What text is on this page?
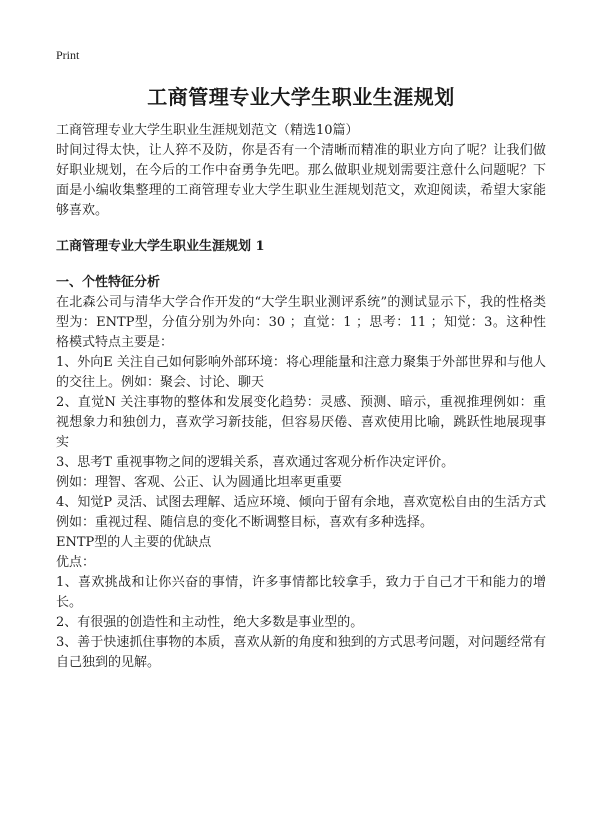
Print
工商管理专业大学生职业生涯规划
工商管理专业大学生职业生涯规划范文（精选10篇）

时间过得太快，让人猝不及防，你是否有一个清晰而精准的职业方向了呢？让我们做好职业规划，在今后的工作中奋勇争先吧。那么做职业规划需要注意什么问题呢？下面是小编收集整理的工商管理专业大学生职业生涯规划范文，欢迎阅读，希望大家能够喜欢。

工商管理专业大学生职业生涯规划 1
一、个性特征分析

在北森公司与清华大学合作开发的“大学生职业测评系统”的测试显示下，我的性格类型为：ENTP型，分值分别为外向：30 ；直觉：1 ；思考：11 ；知觉：3。这种性格模式特点主要是：

1、外向E 关注自己如何影响外部环境：将心理能量和注意力聚集于外部世界和与他人的交往上。例如：聚会、讨论、聊天

2、直觉N 关注事物的整体和发展变化趋势：灵感、预测、暗示，重视推理例如：重视想象力和独创力，喜欢学习新技能，但容易厌倦、喜欢使用比喻，跳跃性地展现事实

3、思考T 重视事物之间的逻辑关系，喜欢通过客观分析作决定评价。

例如：理智、客观、公正、认为圆通比坦率更重要

4、知觉P 灵活、试图去理解、适应环境、倾向于留有余地，喜欢宽松自由的生活方式例如：重视过程、随信息的变化不断调整目标，喜欢有多种选择。

ENTP型的人主要的优缺点

优点：

1、喜欢挑战和让你兴奋的事情，许多事情都比较拿手，致力于自己才干和能力的增长。

2、有很强的创造性和主动性，绝大多数是事业型的。

3、善于快速抓住事物的本质，喜欢从新的角度和独到的方式思考问题，对问题经常有自己独到的见解。
